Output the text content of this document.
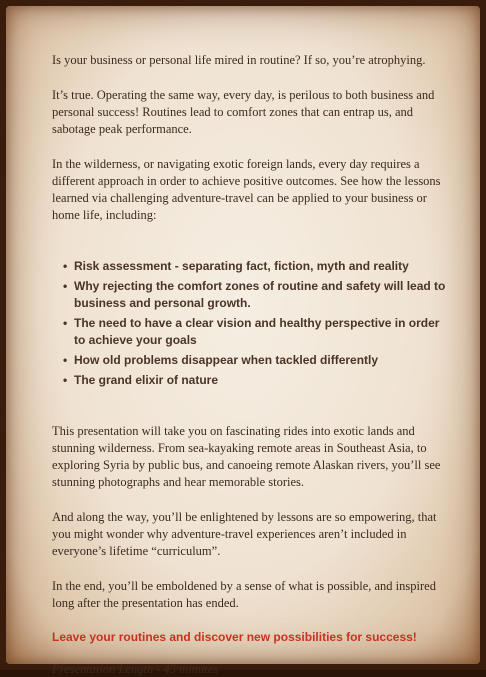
Is your business or personal life mired in routine? If so, you’re atrophying.

It’s true. Operating the same way, every day, is perilous to both business and personal success! Routines lead to comfort zones that can entrap us, and sabotage peak performance.

In the wilderness, or navigating exotic foreign lands, every day requires a different approach in order to achieve positive outcomes. See how the lessons learned via challenging adventure-travel can be applied to your business or home life, including:

• Risk assessment - separating fact, fiction, myth and reality
• Why rejecting the comfort zones of routine and safety will lead to business and personal growth.
• The need to have a clear vision and healthy perspective in order to achieve your goals
• How old problems disappear when tackled differently
• The grand elixir of nature

This presentation will take you on fascinating rides into exotic lands and stunning wilderness. From sea-kayaking remote areas in Southeast Asia, to exploring Syria by public bus, and canoeing remote Alaskan rivers, you’ll see stunning photographs and hear memorable stories.

And along the way, you’ll be enlightened by lessons are so empowering, that you might wonder why adventure-travel experiences aren’t included in everyone’s lifetime “curriculum”.

In the end, you’ll be emboldened by a sense of what is possible, and inspired long after the presentation has ended.

Leave your routines and discover new possibilities for success!

Presentation Length - 45 minutes
